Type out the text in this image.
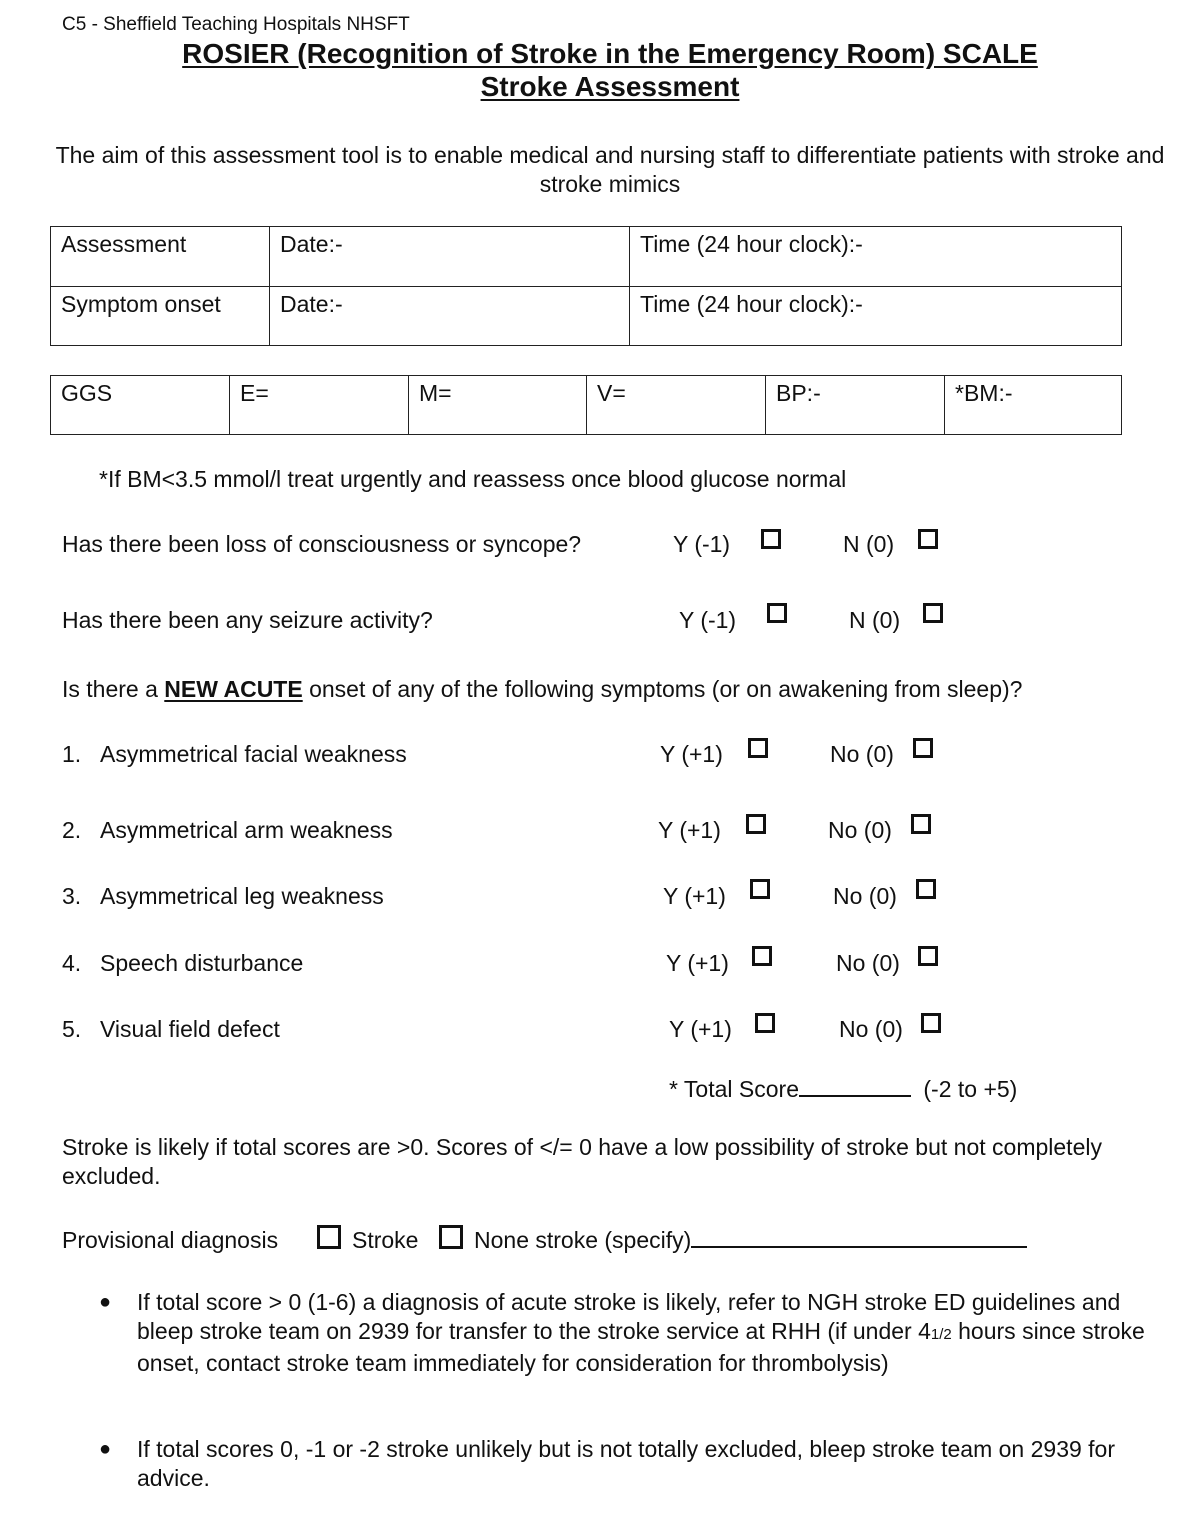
C5 - Sheffield Teaching Hospitals NHSFT
ROSIER (Recognition of Stroke in the Emergency Room) SCALE
Stroke Assessment
The aim of this assessment tool is to enable medical and nursing staff to differentiate patients with stroke and stroke mimics
Assessment	Date:-	Time (24 hour clock):-
Symptom onset	Date:-	Time (24 hour clock):-
GGS	E=	M=	V=	BP:-	*BM:-
*If BM<3.5 mmol/l treat urgently and reassess once blood glucose normal
Has there been loss of consciousness or syncope?	Y (-1)	N (0)
Has there been any seizure activity?	Y (-1)	N (0)
Is there a NEW ACUTE onset of any of the following symptoms (or on awakening from sleep)?
1. Asymmetrical facial weakness	Y (+1)	No (0)
2. Asymmetrical arm weakness	Y (+1)	No (0)
3. Asymmetrical leg weakness	Y (+1)	No (0)
4. Speech disturbance	Y (+1)	No (0)
5. Visual field defect	Y (+1)	No (0)
* Total Score	(-2 to +5)
Stroke is likely if total scores are >0. Scores of </= 0 have a low possibility of stroke but not completely excluded.
Provisional diagnosis	Stroke None stroke (specify)
● If total score > 0 (1-6) a diagnosis of acute stroke is likely, refer to NGH stroke ED guidelines and bleep stroke team on 2939 for transfer to the stroke service at RHH (if under 41/2 hours since stroke onset, contact stroke team immediately for consideration for thrombolysis)
● If total scores 0, -1 or -2 stroke unlikely but is not totally excluded, bleep stroke team on 2939 for advice.
